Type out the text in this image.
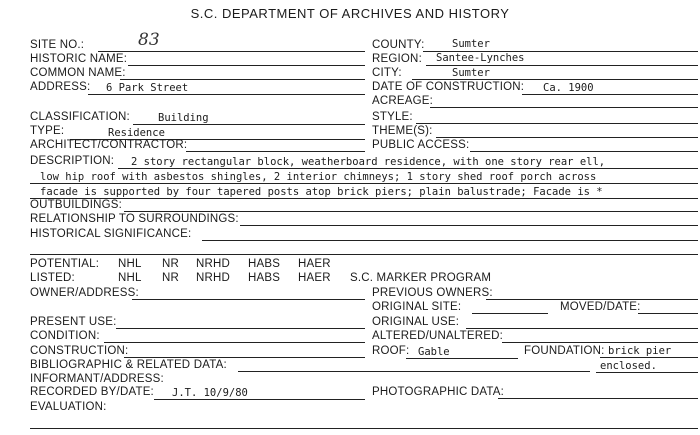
S.C. DEPARTMENT OF ARCHIVES AND HISTORY
SITE NO.:	83	COUNTY:	Sumter
HISTORIC NAME:	REGION: Santee-Lynches
COMMON NAME:	CITY:	Sumter
ADDRESS: 6 Park Street	DATE OF CONSTRUCTION: Ca. 1900
ACREAGE:
CLASSIFICATION:	Building	STYLE:
TYPE:	Residence	THEME(S):
ARCHITECT/CONTRACTOR:	PUBLIC ACCESS:
DESCRIPTION: 2 story rectangular block, weatherboard residence, with one story rear ell,
low hip roof with asbestos shingles, 2 interior chimneys; 1 story shed roof porch across
facade is supported by four tapered posts atop brick piers; plain balustrade; Facade is *
OUTBUILDINGS:
RELATIONSHIP TO SURROUNDINGS:
HISTORICAL SIGNIFICANCE:
POTENTIAL: NHL NR NRHD HABS HAER
LISTED:	NHL NR NRHD HABS HAER S.C. MARKER PROGRAM
OWNER/ADDRESS:	PREVIOUS OWNERS:
ORIGINAL SITE:	MOVED/DATE:
PRESENT USE:	ORIGINAL USE:
CONDITION:	ALTERED/UNALTERED:
CONSTRUCTION:	ROOF: Gable	FOUNDATION: brick pier
enclosed.
BIBLIOGRAPHIC & RELATED DATA:
INFORMANT/ADDRESS:
RECORDED BY/DATE: J.T. 10/9/80	PHOTOGRAPHIC DATA:
EVALUATION:
